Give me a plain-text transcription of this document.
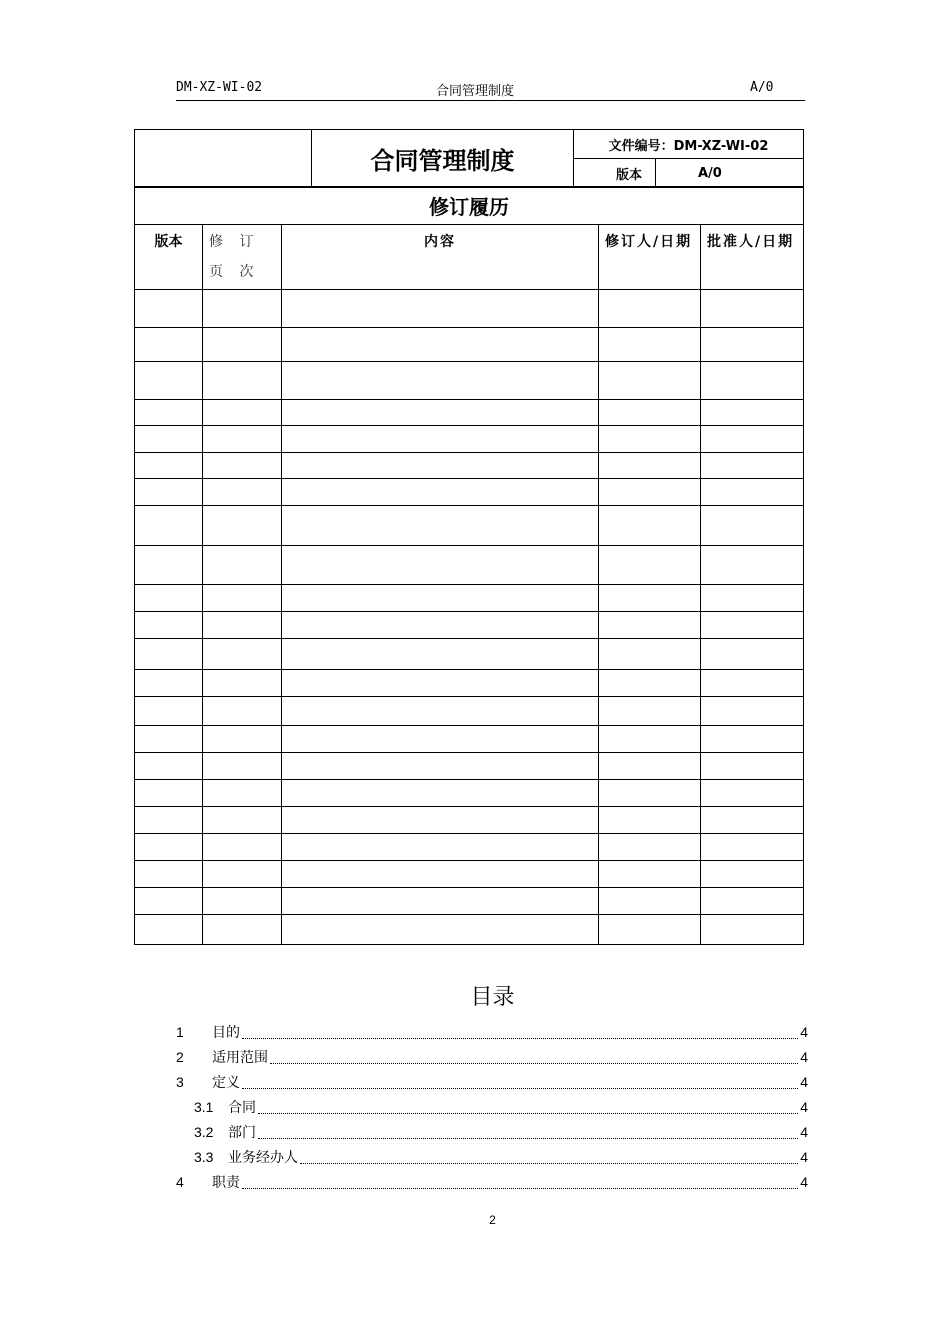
DM-XZ-WI-02	合同管理制度	A/0
	合同管理制度	文件编号：DM-XZ-WI-02	
		版本	A/0
修订履历				
版本	修 订 页 次	内容	修订人/日期	批准人/日期

目录
1	目的	4
2	适用范围	4
3	定义	4
3.1	合同	4
3.2	部门	4
3.3	业务经办人	4
4	职责	4
2
